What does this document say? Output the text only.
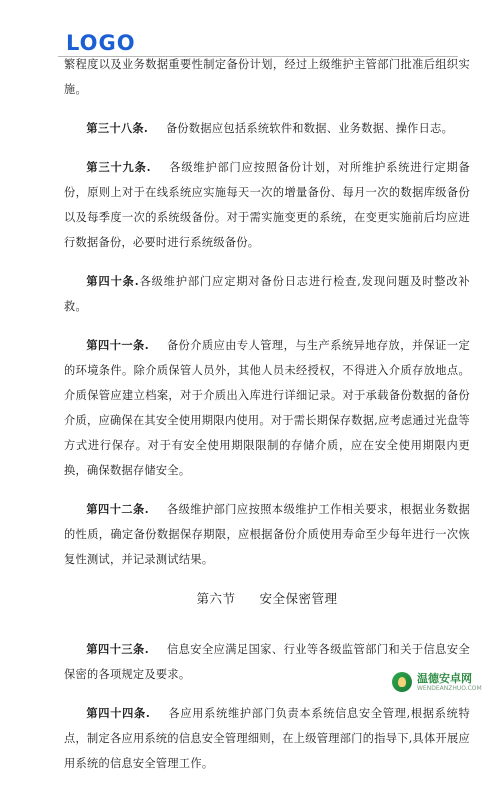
LOGO

繁程度以及业务数据重要性制定备份计划，经过上级维护主管部门批准后组织实施。

第三十八条. 备份数据应包括系统软件和数据、业务数据、操作日志。

第三十九条. 各级维护部门应按照备份计划，对所维护系统进行定期备份，原则上对于在线系统应实施每天一次的增量备份、每月一次的数据库级备份以及每季度一次的系统级备份。对于需实施变更的系统，在变更实施前后均应进行数据备份，必要时进行系统级备份。

第四十条.各级维护部门应定期对备份日志进行检查,发现问题及时整改补救。

第四十一条. 备份介质应由专人管理，与生产系统异地存放，并保证一定的环境条件。除介质保管人员外，其他人员未经授权，不得进入介质存放地点。介质保管应建立档案，对于介质出入库进行详细记录。对于承载备份数据的备份介质，应确保在其安全使用期限内使用。对于需长期保存数据,应考虑通过光盘等方式进行保存。对于有安全使用期限限制的存储介质，应在安全使用期限内更换，确保数据存储安全。

第四十二条. 各级维护部门应按照本级维护工作相关要求，根据业务数据的性质，确定备份数据保存期限，应根据备份介质使用寿命至少每年进行一次恢复性测试，并记录测试结果。

第六节 安全保密管理

第四十三条. 信息安全应满足国家、行业等各级监管部门和关于信息安全保密的各项规定及要求。

第四十四条. 各应用系统维护部门负责本系统信息安全管理,根据系统特点，制定各应用系统的信息安全管理细则，在上级管理部门的指导下,具体开展应用系统的信息安全管理工作。

温德安卓网
WENDEANZHUO.COM
